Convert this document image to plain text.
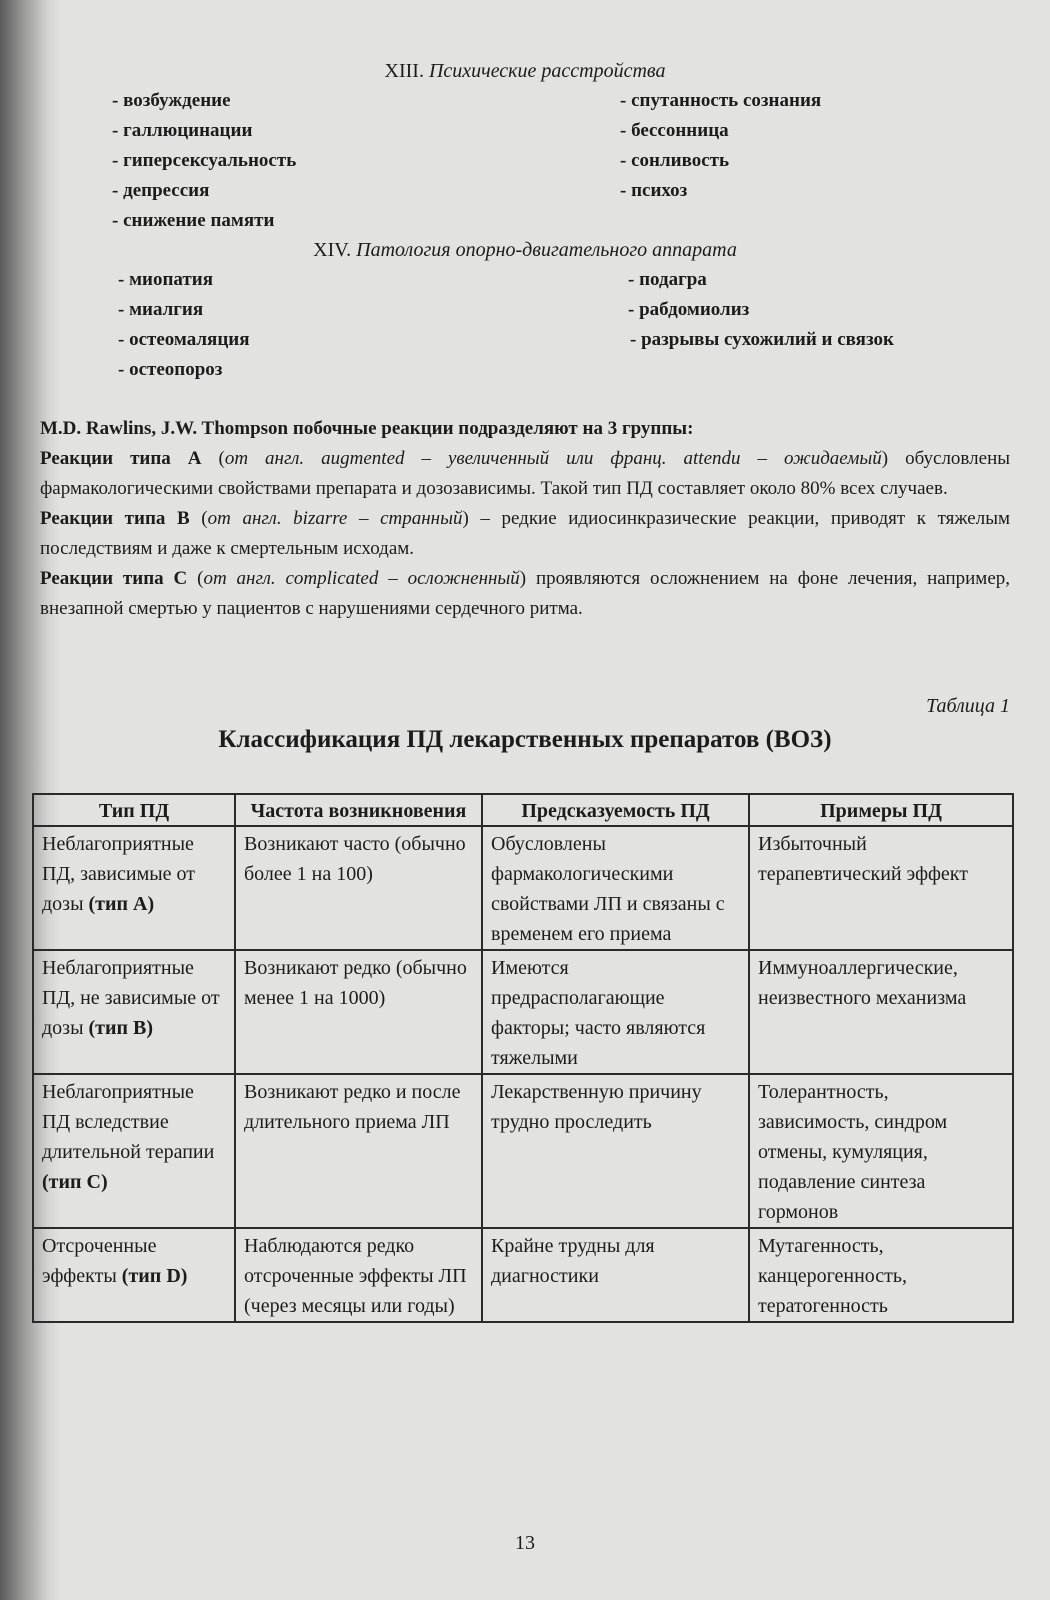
XIII. Психические расстройства
- возбуждение
- галлюцинации
- гиперсексуальность
- депрессия
- снижение памяти
- спутанность сознания
- бессонница
- сонливость
- психоз
XIV. Патология опорно-двигательного аппарата
- миопатия
- миалгия
- остеомаляция
- остеопороз
- подагра
- рабдомиолиз
- разрывы сухожилий и связок

M.D. Rawlins, J.W. Thompson побочные реакции подразделяют на 3 группы:

Реакции типа А (от англ. augmented – увеличенный или франц. attendu – ожидаемый) обусловлены фармакологическими свойствами препарата и дозозависимы. Такой тип ПД составляет около 80% всех случаев.

Реакции типа В (от англ. bizarre – странный) – редкие идиосинкразические реакции, приводят к тяжелым последствиям и даже к смертельным исходам.

Реакции типа С (от англ. complicated – осложненный) проявляются осложнением на фоне лечения, например, внезапной смертью у пациентов с нарушениями сердечного ритма.

Таблица 1
Классификация ПД лекарственных препаратов (ВОЗ)
Тип ПД	Частота возникновения	Предсказуемость ПД	Примеры ПД
Неблагоприятные ПД, зависимые от дозы (тип А)	Возникают часто (обычно более 1 на 100)	Обусловлены фармакологическими свойствами ЛП и связаны с временем его приема	Избыточный терапевтический эффект
Неблагоприятные ПД, не зависимые от дозы (тип В)	Возникают редко (обычно менее 1 на 1000)	Имеются предрасполагающие факторы; часто являются тяжелыми	Иммуноаллергические, неизвестного механизма
Неблагоприятные ПД вследствие длительной терапии (тип С)	Возникают редко и после длительного приема ЛП	Лекарственную причину трудно проследить	Толерантность, зависимость, синдром отмены, кумуляция, подавление синтеза гормонов
Отсроченные эффекты (тип D)	Наблюдаются редко отсроченные эффекты ЛП (через месяцы или годы)	Крайне трудны для диагностики	Мутагенность, канцерогенность, тератогенность
13
